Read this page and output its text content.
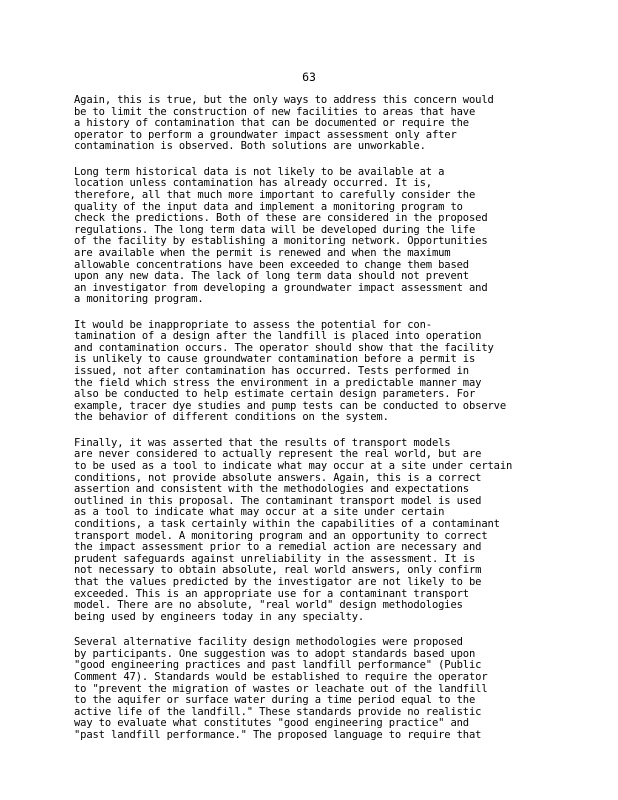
63
Again, this is true, but the only ways to address this concern would
be to limit the construction of new facilities to areas that have
a history of contamination that can be documented or require the
operator to perform a groundwater impact assessment only after
contamination is observed. Both solutions are unworkable.
Long term historical data is not likely to be available at a
location unless contamination has already occurred. It is,
therefore, all that much more important to carefully consider the
quality of the input data and implement a monitoring program to
check the predictions. Both of these are considered in the proposed
regulations. The long term data will be developed during the life
of the facility by establishing a monitoring network. Opportunities
are available when the permit is renewed and when the maximum
allowable concentrations have been exceeded to change them based
upon any new data. The lack of long term data should not prevent
an investigator from developing a groundwater impact assessment and
a monitoring program.
It would be inappropriate to assess the potential for con-
tamination of a design after the landfill is placed into operation
and contamination occurs. The operator should show that the facility
is unlikely to cause groundwater contamination before a permit is
issued, not after contamination has occurred. Tests performed in
the field which stress the environment in a predictable manner may
also be conducted to help estimate certain design parameters. For
example, tracer dye studies and pump tests can be conducted to observe
the behavior of different conditions on the system.
Finally, it was asserted that the results of transport models
are never considered to actually represent the real world, but are
to be used as a tool to indicate what may occur at a site under certain
conditions, not provide absolute answers. Again, this is a correct
assertion and consistent with the methodologies and expectations
outlined in this proposal. The contaminant transport model is used
as a tool to indicate what may occur at a site under certain
conditions, a task certainly within the capabilities of a contaminant
transport model. A monitoring program and an opportunity to correct
the impact assessment prior to a remedial action are necessary and
prudent safeguards against unreliability in the assessment. It is
not necessary to obtain absolute, real world answers, only confirm
that the values predicted by the investigator are not likely to be
exceeded. This is an appropriate use for a contaminant transport
model. There are no absolute, "real world" design methodologies
being used by engineers today in any specialty.
Several alternative facility design methodologies were proposed
by participants. One suggestion was to adopt standards based upon
"good engineering practices and past landfill performance" (Public
Comment 47). Standards would be established to require the operator
to "prevent the migration of wastes or leachate out of the landfill
to the aquifer or surface water during a time period equal to the
active life of the landfill." These standards provide no realistic
way to evaluate what constitutes "good engineering practice" and
"past landfill performance." The proposed language to require that
